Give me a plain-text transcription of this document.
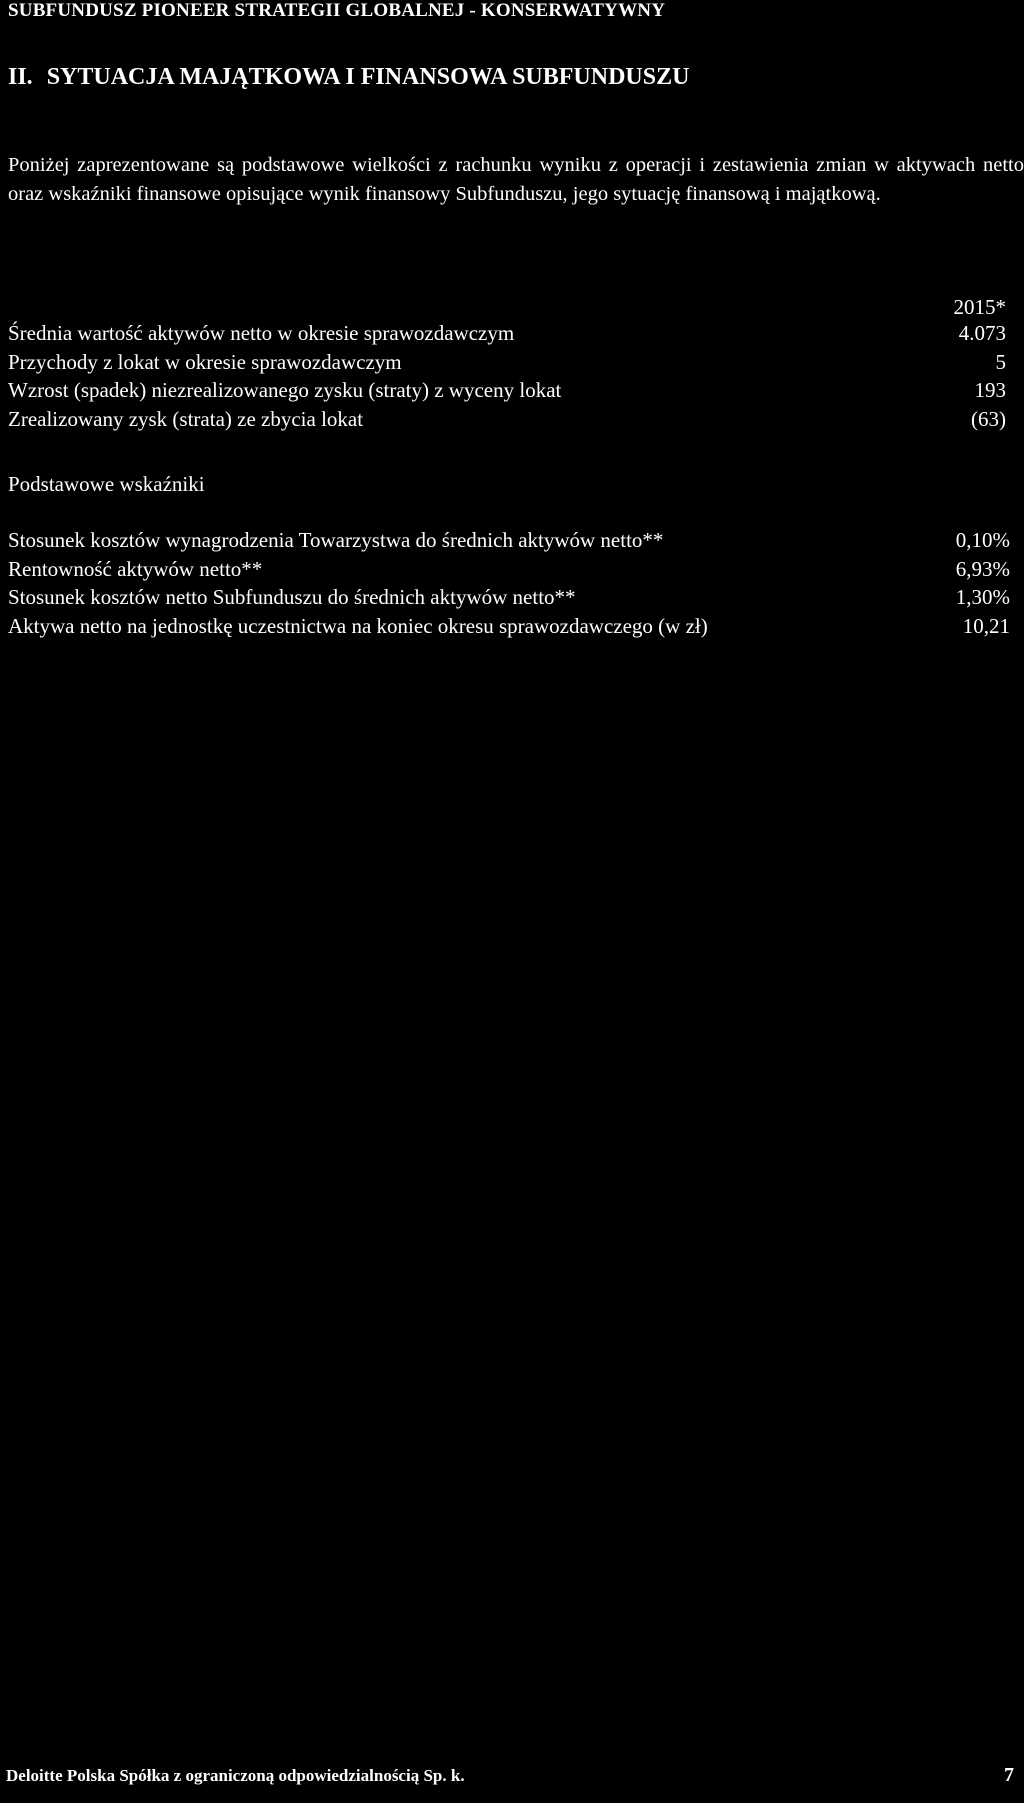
SUBFUNDUSZ PIONEER STRATEGII GLOBALNEJ - KONSERWATYWNY
II. SYTUACJA MAJĄTKOWA I FINANSOWA SUBFUNDUSZU
Poniżej zaprezentowane są podstawowe wielkości z rachunku wyniku z operacji i zestawienia zmian w aktywach netto oraz wskaźniki finansowe opisujące wynik finansowy Subfunduszu, jego sytuację finansową i majątkową.
2015*
Średnia wartość aktywów netto w okresie sprawozdawczym	4.073
Przychody z lokat w okresie sprawozdawczym	5
Wzrost (spadek) niezrealizowanego zysku (straty) z wyceny lokat	193
Zrealizowany zysk (strata) ze zbycia lokat	(63)
Podstawowe wskaźniki
Stosunek kosztów wynagrodzenia Towarzystwa do średnich aktywów netto**	0,10%
Rentowność aktywów netto**	6,93%
Stosunek kosztów netto Subfunduszu do średnich aktywów netto**	1,30%
Aktywa netto na jednostkę uczestnictwa na koniec okresu sprawozdawczego (w zł)	10,21
Deloitte Polska Spółka z ograniczoną odpowiedzialnością Sp. k.	7
